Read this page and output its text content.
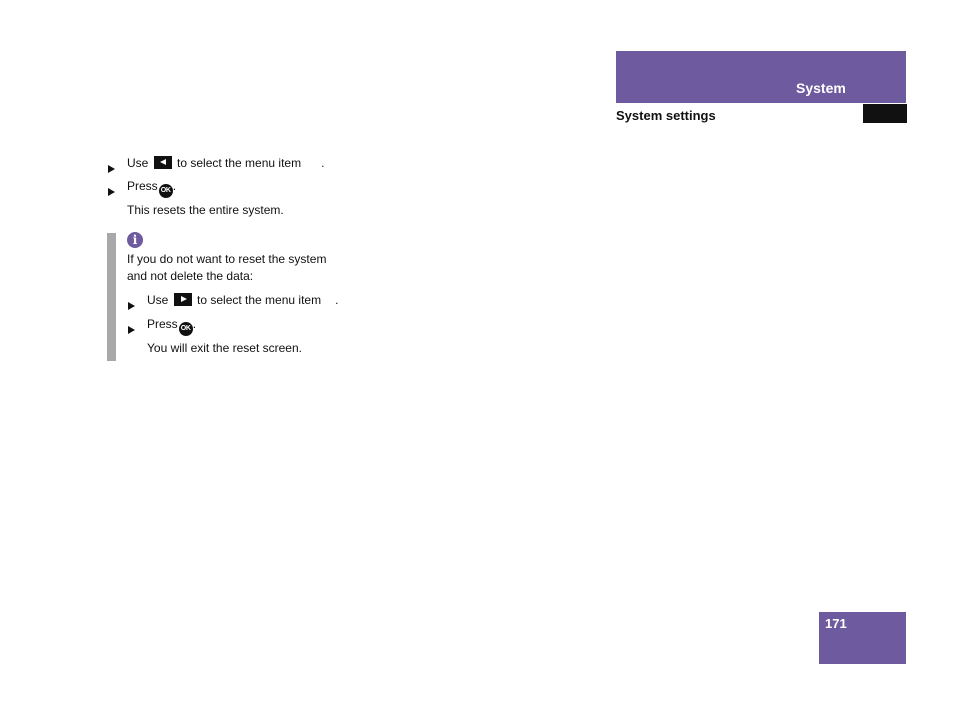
System
System settings
Use  to select the menu item .
Press OK .
This resets the entire system.
i
If you do not want to reset the system
and not delete the data:
Use  to select the menu item .
Press OK .
You will exit the reset screen.
171
